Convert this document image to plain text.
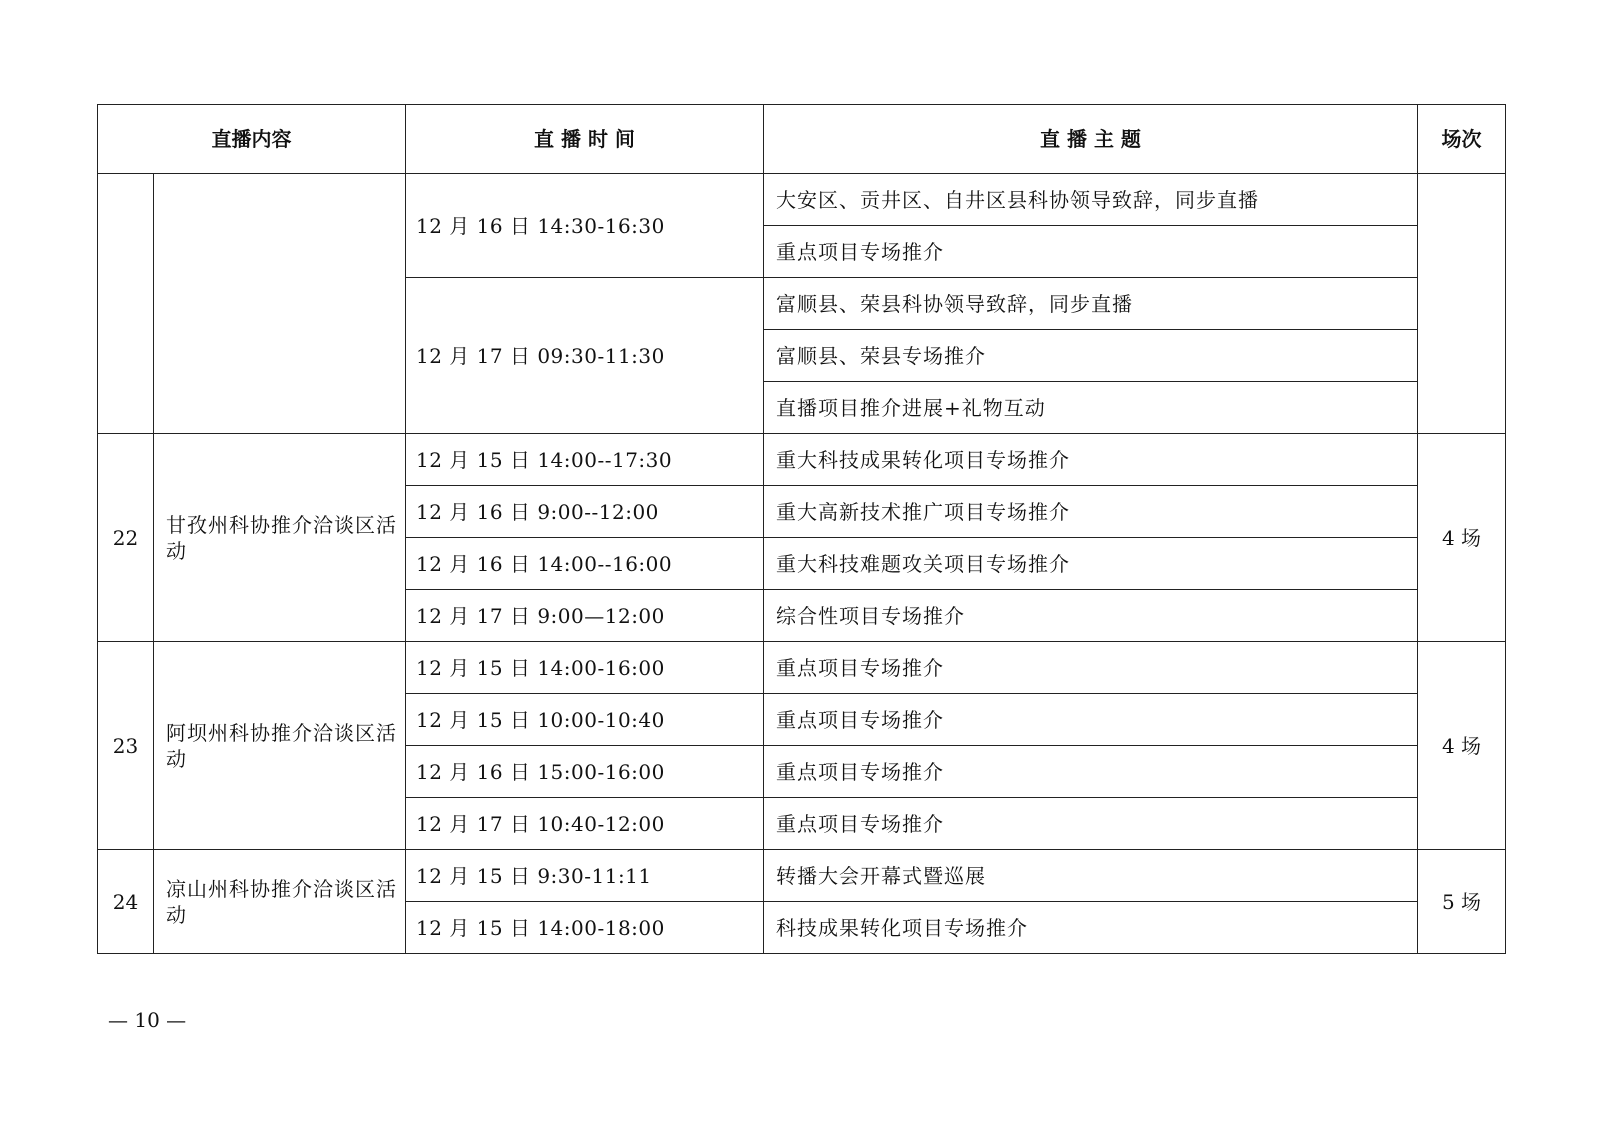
直播内容		直 播 时 间	直 播 主 题	场次
		12 月 16 日 14:30-16:30	大安区、贡井区、自井区县科协领导致辞，同步直播	
			重点项目专场推介	
		12 月 17 日 09:30-11:30	富顺县、荣县科协领导致辞，同步直播	
			富顺县、荣县专场推介	
			直播项目推介进展+礼物互动	
22	甘孜州科协推介洽谈区活动	12 月 15 日 14:00--17:30	重大科技成果转化项目专场推介	4 场
		12 月 16 日 9:00--12:00	重大高新技术推广项目专场推介	
		12 月 16 日 14:00--16:00	重大科技难题攻关项目专场推介	
		12 月 17 日 9:00—12:00	综合性项目专场推介	
23	阿坝州科协推介洽谈区活动	12 月 15 日 14:00-16:00	重点项目专场推介	4 场
		12 月 15 日 10:00-10:40	重点项目专场推介	
		12 月 16 日 15:00-16:00	重点项目专场推介	
		12 月 17 日 10:40-12:00	重点项目专场推介	
24	凉山州科协推介洽谈区活动	12 月 15 日 9:30-11:11	转播大会开幕式暨巡展	5 场
		12 月 15 日 14:00-18:00	科技成果转化项目专场推介	
— 10 —
